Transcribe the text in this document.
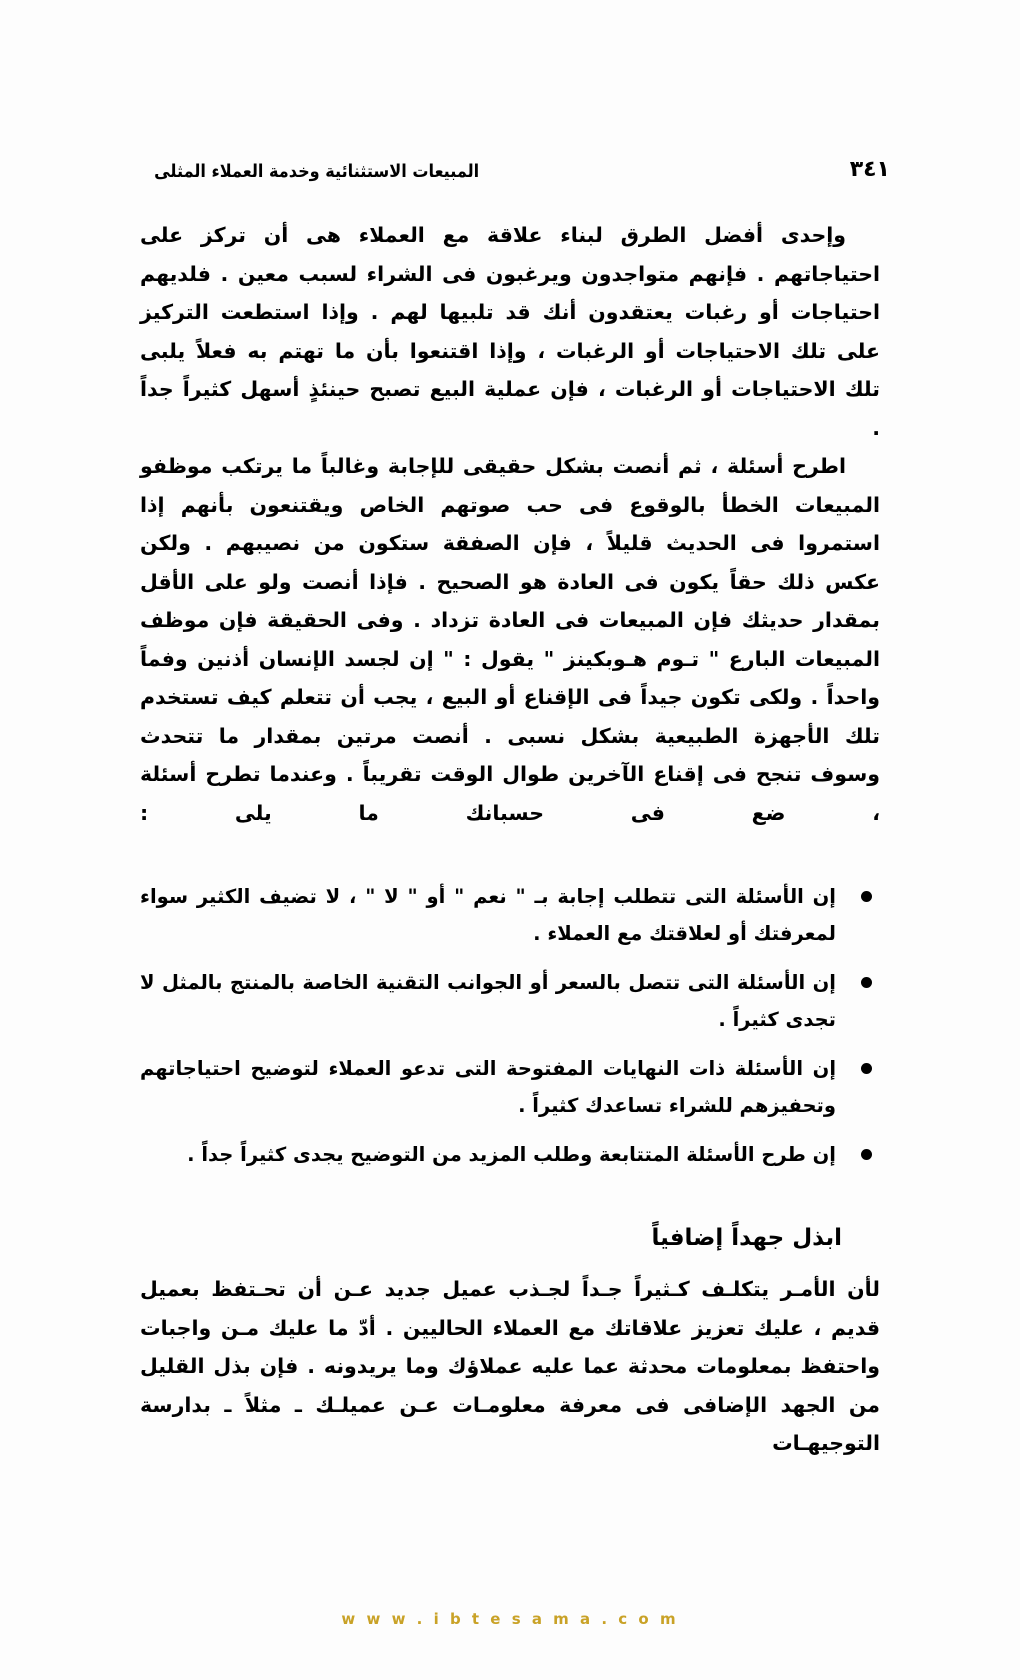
المبيعات الاستثنائية وخدمة العملاء المثلى	٣٤١

وإحدى أفضل الطرق لبناء علاقة مع العملاء هى أن تركز على احتياجاتهم . فإنهم متواجدون ويرغبون فى الشراء لسبب معين . فلديهم احتياجات أو رغبات يعتقدون أنك قد تلبيها لهم . وإذا استطعت التركيز على تلك الاحتياجات أو الرغبات ، وإذا اقتنعوا بأن ما تهتم به فعلاً يلبى تلك الاحتياجات أو الرغبات ، فإن عملية البيع تصبح حينئذٍ أسهل كثيراً جداً .

اطرح أسئلة ، ثم أنصت بشكل حقيقى للإجابة وغالباً ما يرتكب موظفو المبيعات الخطأ بالوقوع فى حب صوتهم الخاص ويقتنعون بأنهم إذا استمروا فى الحديث قليلاً ، فإن الصفقة ستكون من نصيبهم . ولكن عكس ذلك حقاً يكون فى العادة هو الصحيح . فإذا أنصت ولو على الأقل بمقدار حديثك فإن المبيعات فى العادة تزداد . وفى الحقيقة فإن موظف المبيعات البارع " تـوم هـوبكينز " يقول : " إن لجسد الإنسان أذنين وفماً واحداً . ولكى تكون جيداً فى الإقناع أو البيع ، يجب أن تتعلم كيف تستخدم تلك الأجهزة الطبيعية بشكل نسبى . أنصت مرتين بمقدار ما تتحدث وسوف تنجح فى إقناع الآخرين طوال الوقت تقريباً . وعندما تطرح أسئلة ، ضع فى حسبانك ما يلى :

إن الأسئلة التى تتطلب إجابة بـ " نعم " أو " لا " ، لا تضيف الكثير سواء لمعرفتك أو لعلاقتك مع العملاء .
إن الأسئلة التى تتصل بالسعر أو الجوانب التقنية الخاصة بالمنتج بالمثل لا تجدى كثيراً .
إن الأسئلة ذات النهايات المفتوحة التى تدعو العملاء لتوضيح احتياجاتهم وتحفيزهم للشراء تساعدك كثيراً .
إن طرح الأسئلة المتتابعة وطلب المزيد من التوضيح يجدى كثيراً جداً .
ابذل جهداً إضافياً

لأن الأمـر يتكلـف كـثيراً جـداً لجـذب عميل جديد عـن أن تحـتفظ بعميل قديم ، عليك تعزيز علاقاتك مع العملاء الحاليين . أدّ ما عليك مـن واجبات واحتفظ بمعلومات محدثة عما عليه عملاؤك وما يريدونه . فإن بذل القليل من الجهد الإضافى فى معرفة معلومـات عـن عميلـك ـ مثلاً ـ بدارسة التوجيهـات

w w w . i b t e s a m a . c o m
